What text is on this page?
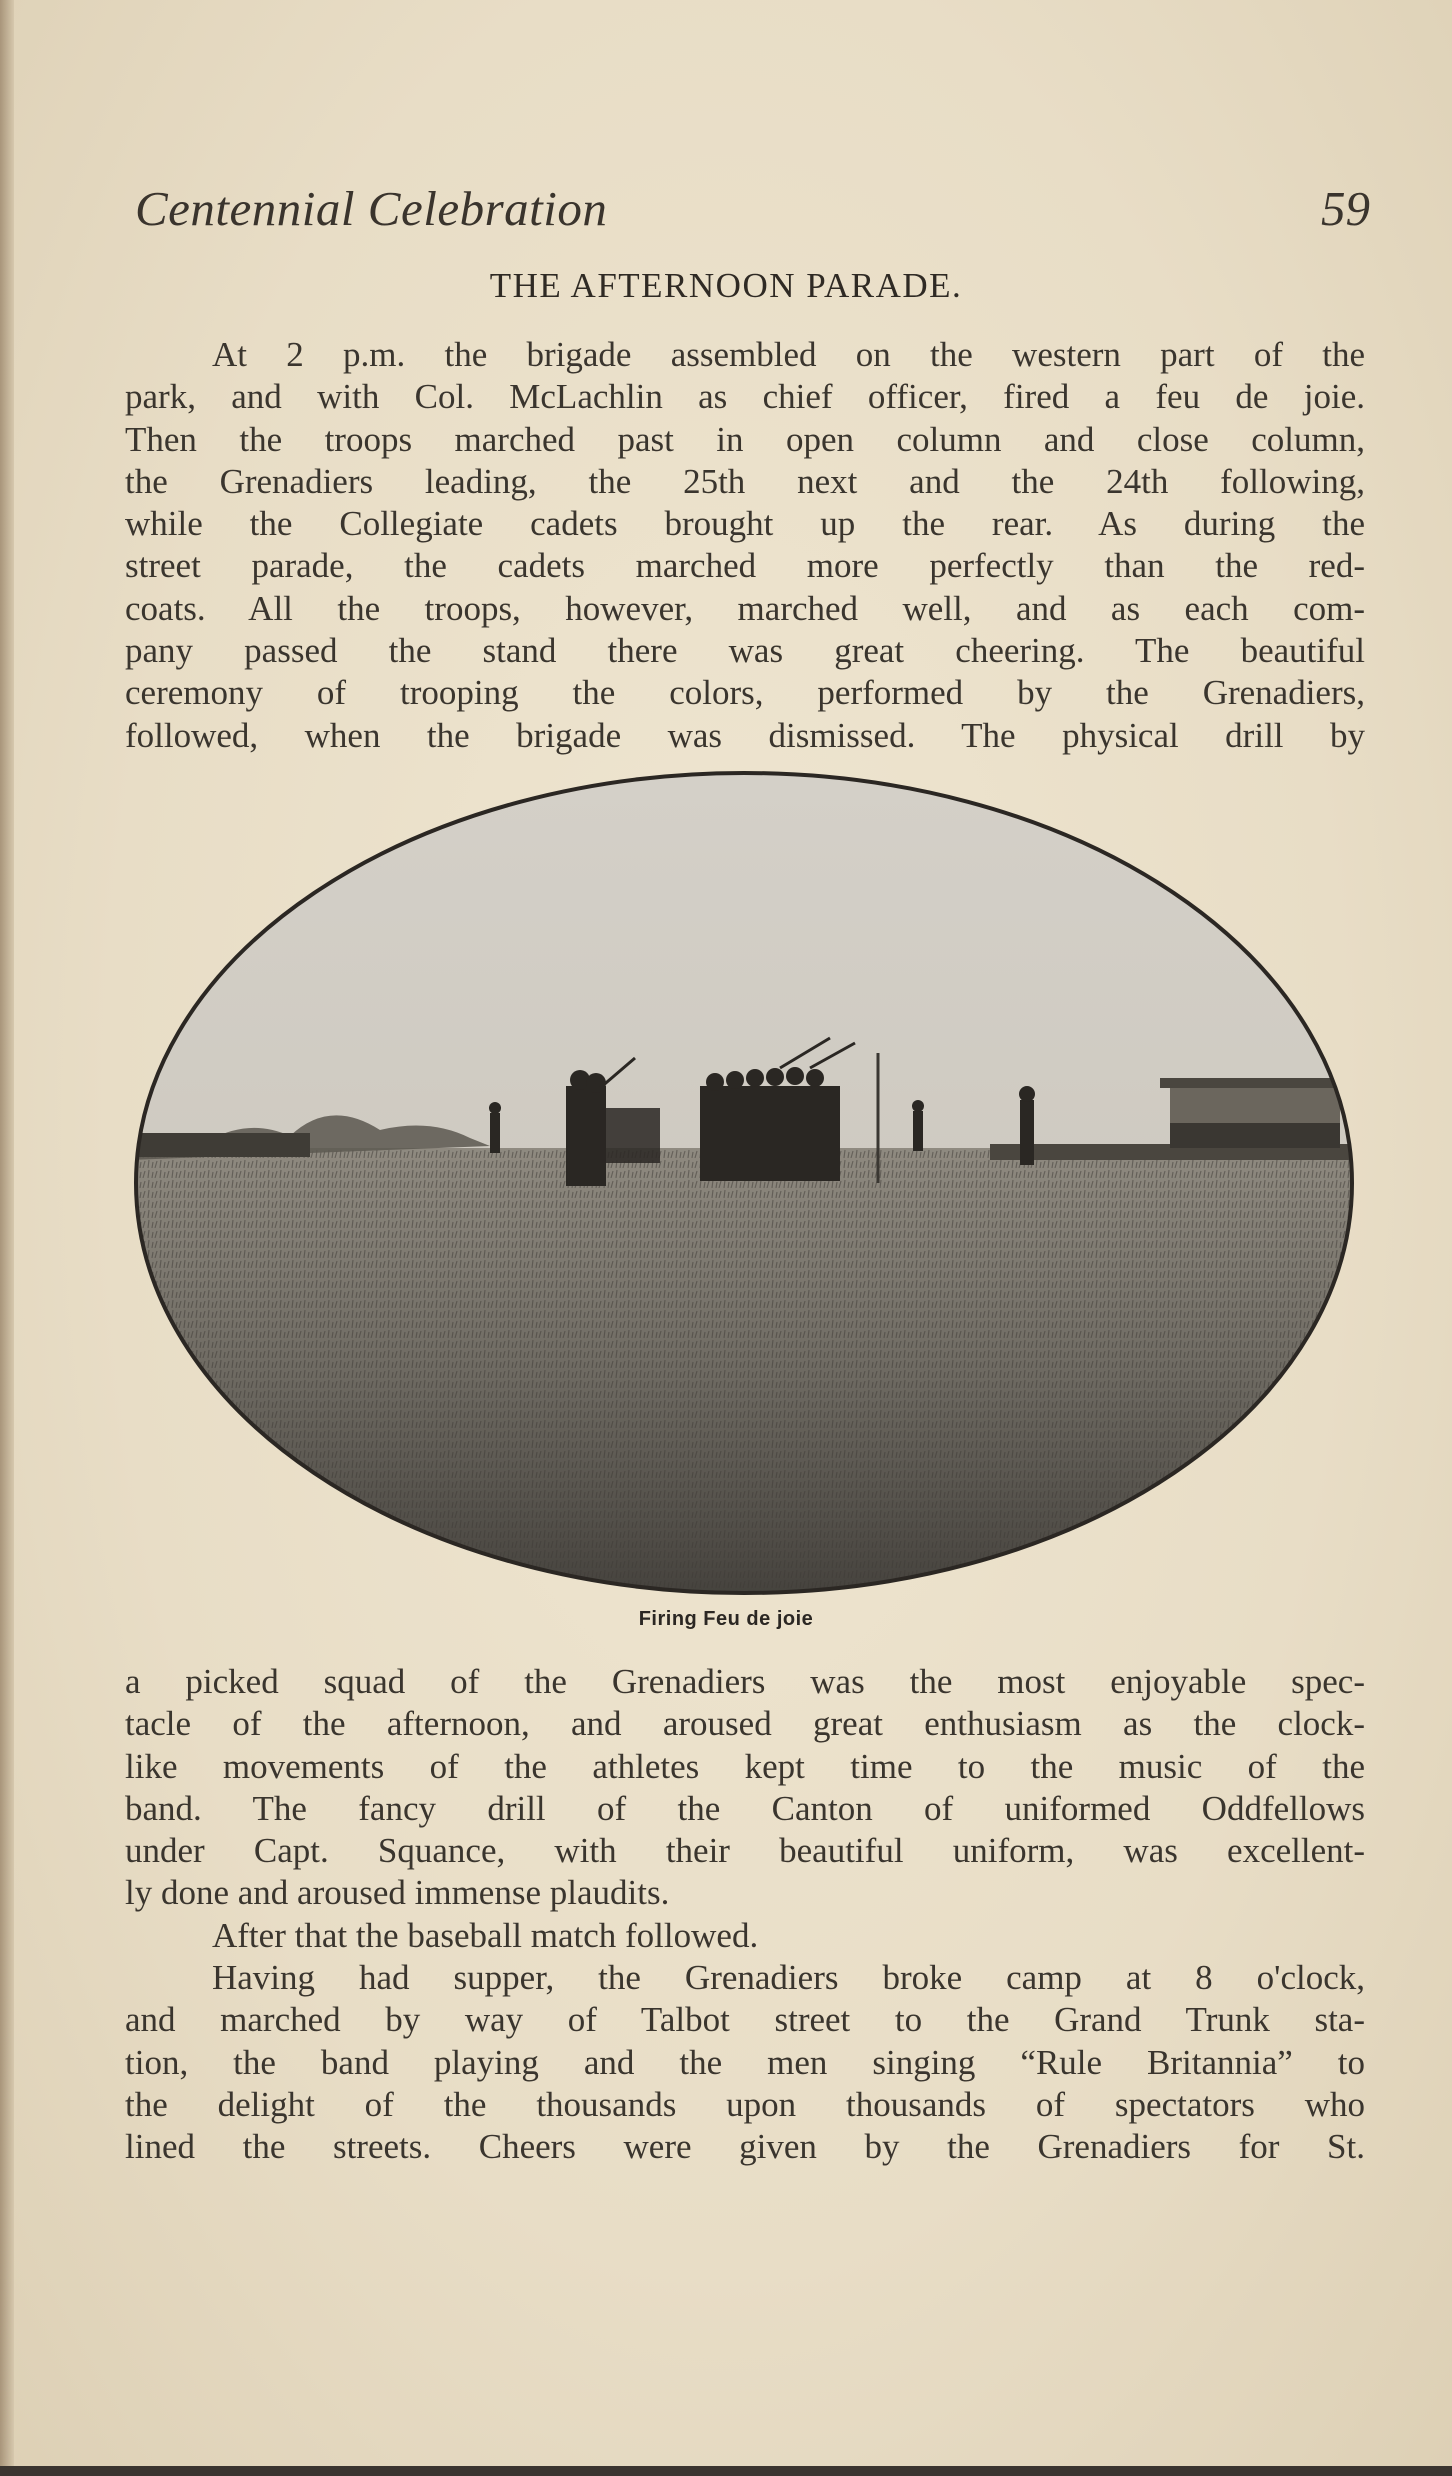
Centennial Celebration	59
THE AFTERNOON PARADE.
At 2 p.m. the brigade assembled on the western part of the
park, and with Col. McLachlin as chief officer, fired a feu de joie.
Then the troops marched past in open column and close column,
the Grenadiers leading, the 25th next and the 24th following,
while the Collegiate cadets brought up the rear. As during the
street parade, the cadets marched more perfectly than the red-
coats. All the troops, however, marched well, and as each com-
pany passed the stand there was great cheering. The beautiful
ceremony of trooping the colors, performed by the Grenadiers,
followed, when the brigade was dismissed. The physical drill by
Firing Feu de joie
a picked squad of the Grenadiers was the most enjoyable spec-
tacle of the afternoon, and aroused great enthusiasm as the clock-
like movements of the athletes kept time to the music of the
band. The fancy drill of the Canton of uniformed Oddfellows
under Capt. Squance, with their beautiful uniform, was excellent-
ly done and aroused immense plaudits.
After that the baseball match followed.
Having had supper, the Grenadiers broke camp at 8 o'clock,
and marched by way of Talbot street to the Grand Trunk sta-
tion, the band playing and the men singing “Rule Britannia” to
the delight of the thousands upon thousands of spectators who
lined the streets. Cheers were given by the Grenadiers for St.
